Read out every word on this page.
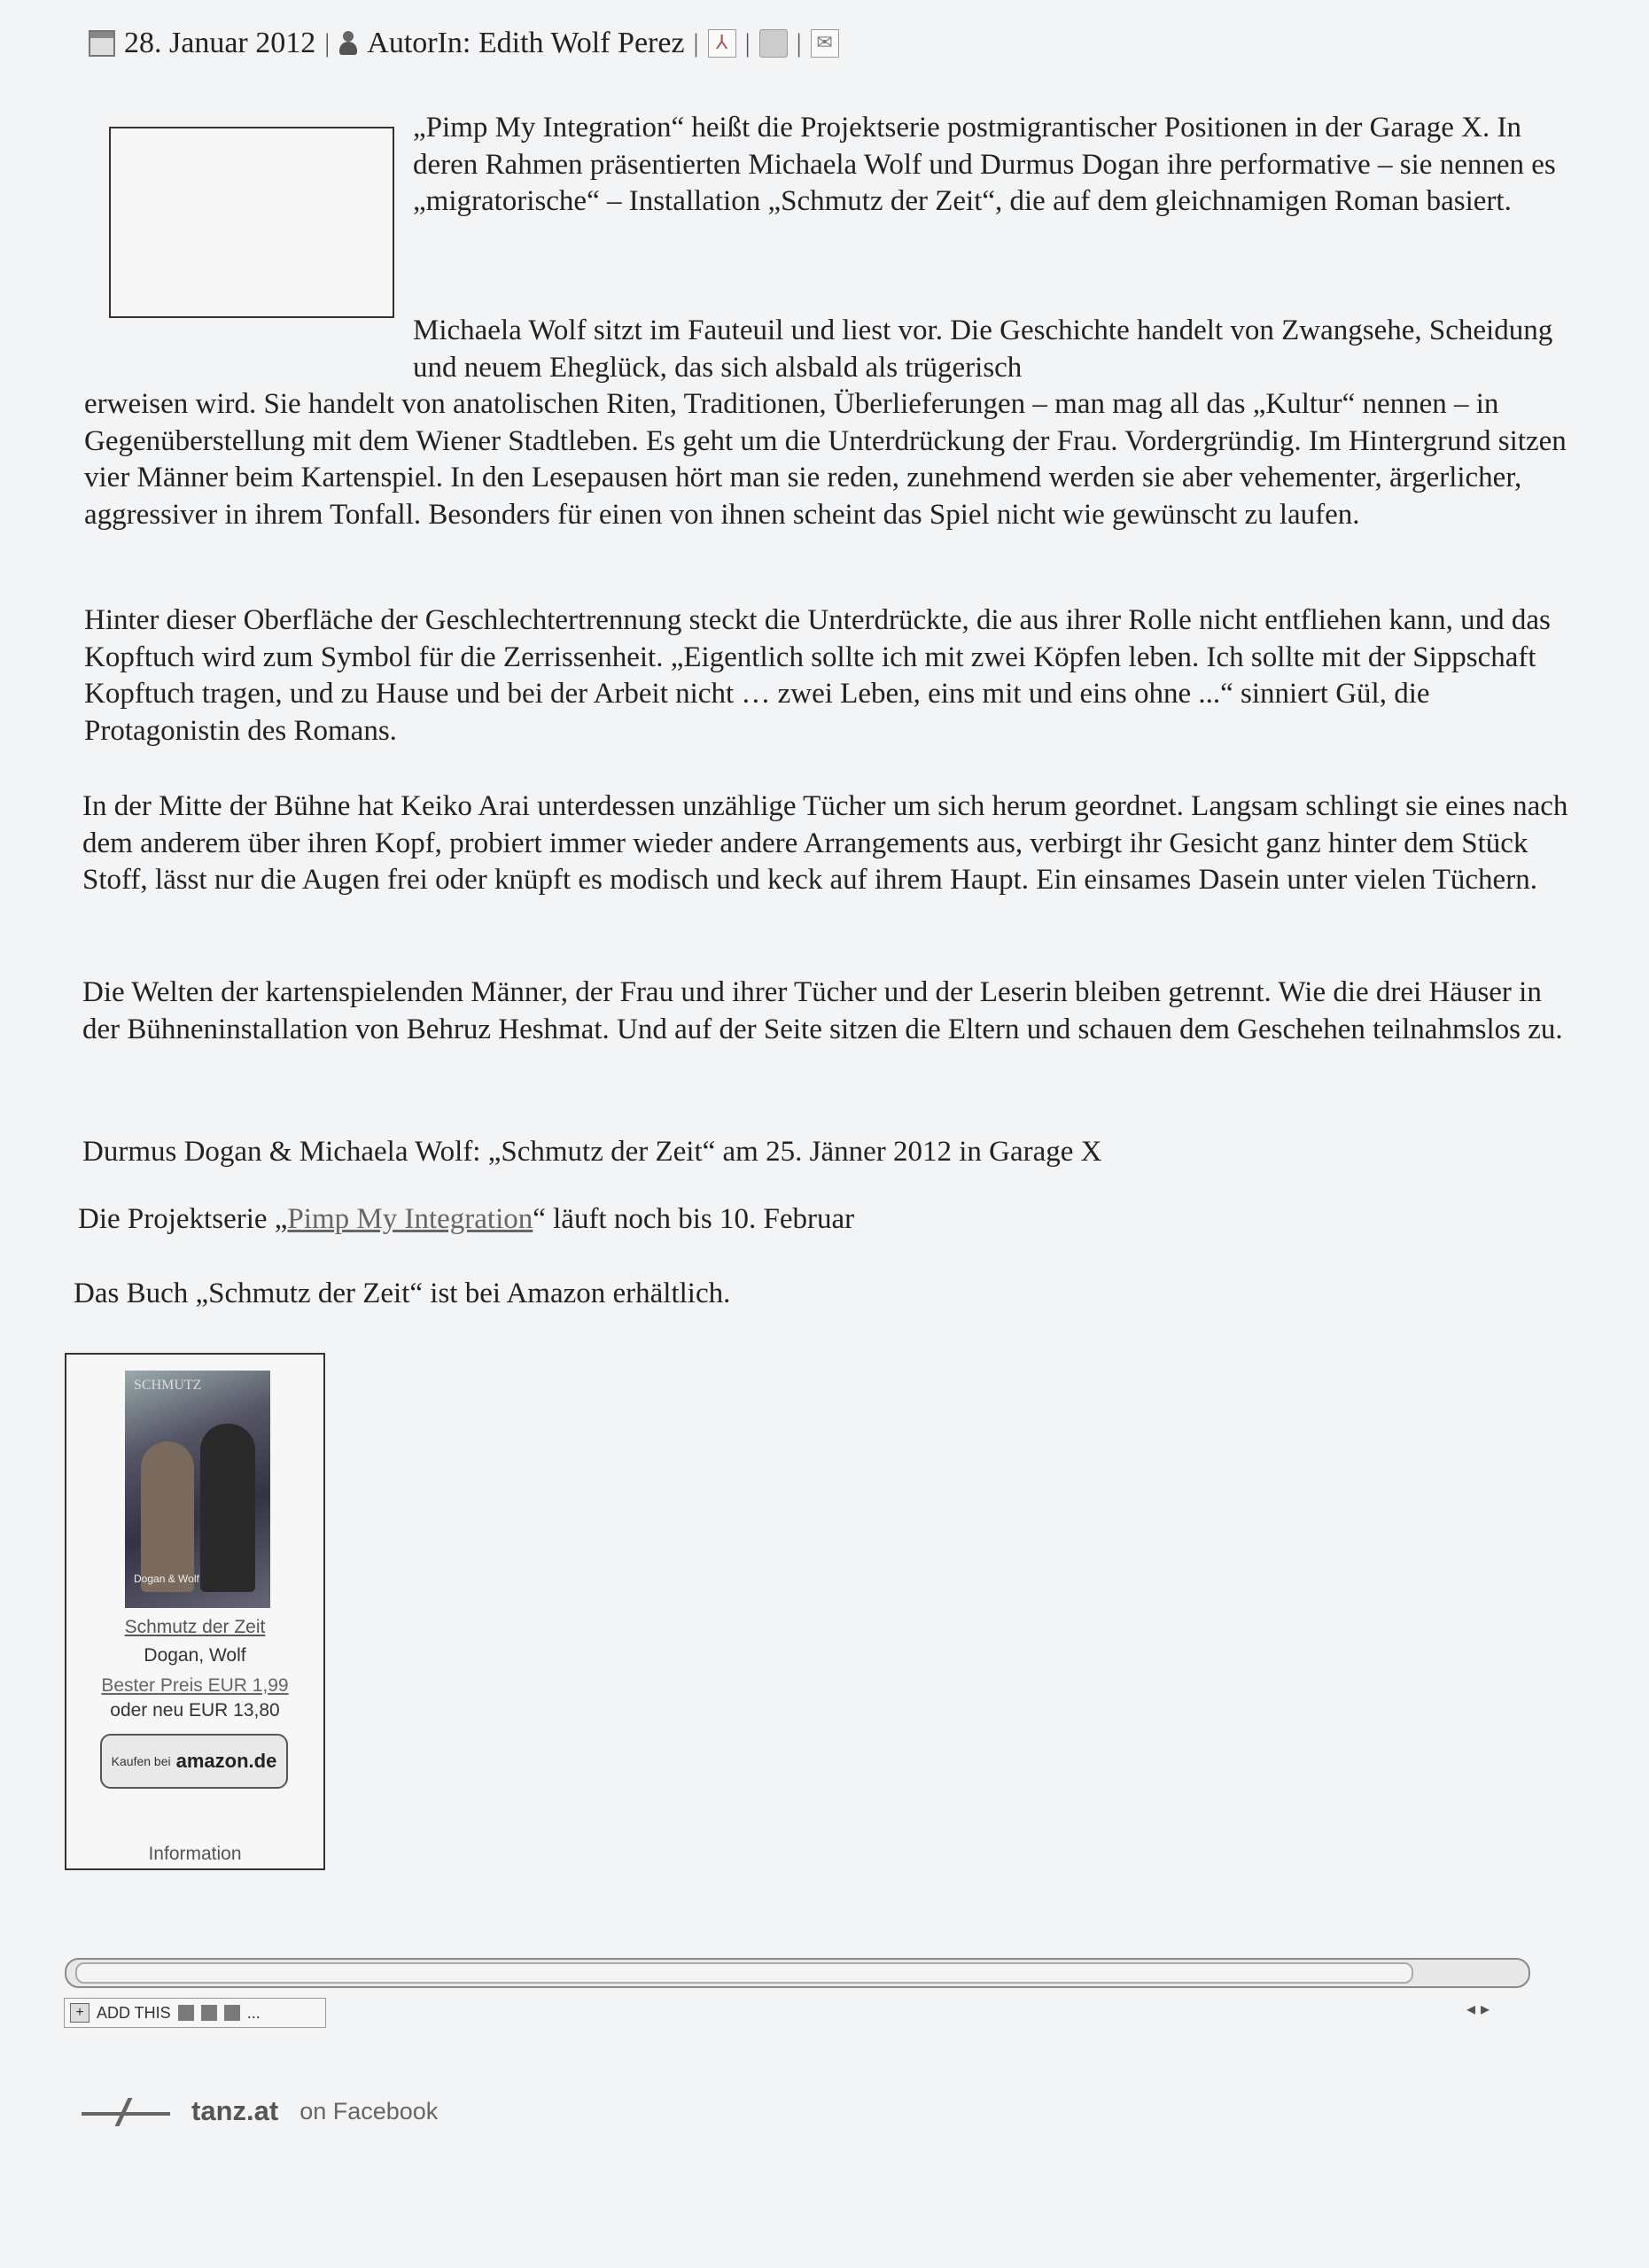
28. Januar 2012 | AutorIn: Edith Wolf Perez |
⅄ | |
✉

„Pimp My Integration“ heißt die Projektserie postmigrantischer Positionen in der Garage X. In deren Rahmen präsentierten Michaela Wolf und Durmus Dogan ihre performative – sie nennen es „migratorische“ – Installation „Schmutz der Zeit“, die auf dem gleichnamigen Roman basiert.

Michaela Wolf sitzt im Fauteuil und liest vor. Die Geschichte handelt von Zwangsehe, Scheidung und neuem Eheglück, das sich alsbald als trügerisch

erweisen wird. Sie handelt von anatolischen Riten, Traditionen, Überlieferungen – man mag all das „Kultur“ nennen – in Gegenüberstellung mit dem Wiener Stadtleben. Es geht um die Unterdrückung der Frau. Vordergründig. Im Hintergrund sitzen vier Männer beim Kartenspiel. In den Lesepausen hört man sie reden, zunehmend werden sie aber vehementer, ärgerlicher, aggressiver in ihrem Tonfall. Besonders für einen von ihnen scheint das Spiel nicht wie gewünscht zu laufen.

Hinter dieser Oberfläche der Geschlechtertrennung steckt die Unterdrückte, die aus ihrer Rolle nicht entfliehen kann, und das Kopftuch wird zum Symbol für die Zerrissenheit. „Eigentlich sollte ich mit zwei Köpfen leben. Ich sollte mit der Sippschaft Kopftuch tragen, und zu Hause und bei der Arbeit nicht … zwei Leben, eins mit und eins ohne ...“ sinniert Gül, die Protagonistin des Romans.

In der Mitte der Bühne hat Keiko Arai unterdessen unzählige Tücher um sich herum geordnet. Langsam schlingt sie eines nach dem anderem über ihren Kopf, probiert immer wieder andere Arrangements aus, verbirgt ihr Gesicht ganz hinter dem Stück Stoff, lässt nur die Augen frei oder knüpft es modisch und keck auf ihrem Haupt. Ein einsames Dasein unter vielen Tüchern.

Die Welten der kartenspielenden Männer, der Frau und ihrer Tücher und der Leserin bleiben getrennt. Wie die drei Häuser in der Bühneninstallation von Behruz Heshmat. Und auf der Seite sitzen die Eltern und schauen dem Geschehen teilnahmslos zu.

Durmus Dogan & Michaela Wolf: „Schmutz der Zeit“ am 25. Jänner 2012 in Garage X

Die Projektserie „Pimp My Integration“ läuft noch bis 10. Februar

Das Buch „Schmutz der Zeit“ ist bei Amazon erhältlich.

SCHMUTZ
Dogan & Wolf
Schmutz der Zeit
Dogan, Wolf
Bester Preis EUR 1,99
oder neu EUR 13,80
Kaufen bei amazon.de
Information
◂ ▸
+ ADD THIS	...
tanz.at on Facebook
